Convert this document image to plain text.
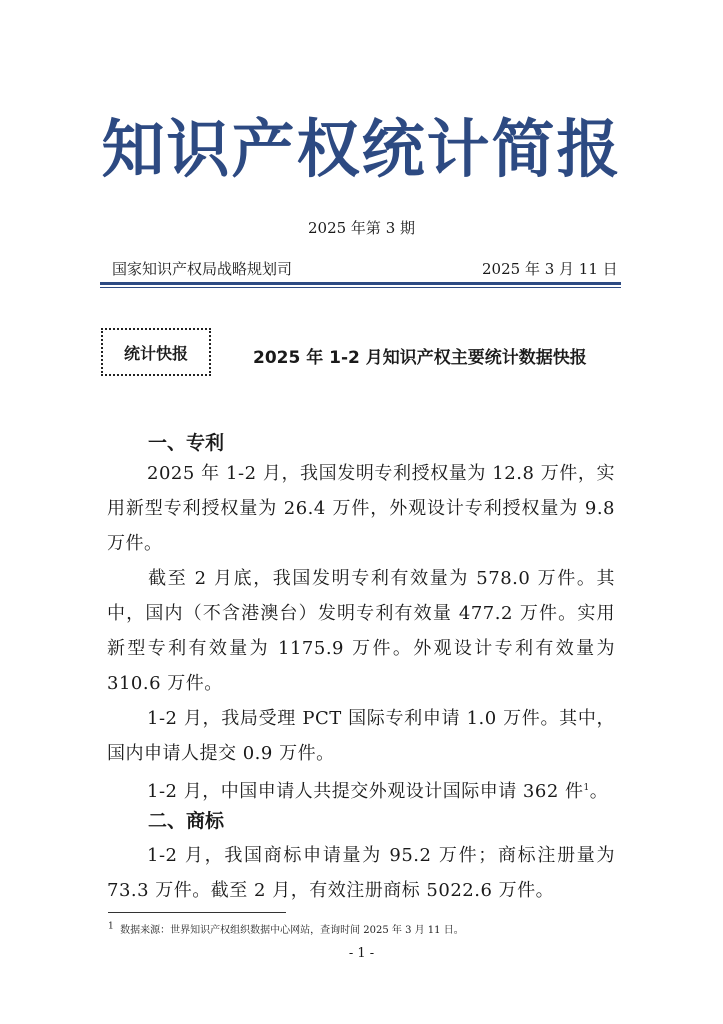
知识产权统计简报
2025 年第 3 期
国家知识产权局战略规划司	2025 年 3 月 11 日
统计快报	2025 年 1-2 月知识产权主要统计数据快报
一、专利

2025 年 1-2 月，我国发明专利授权量为 12.8 万件，实用新型专利授权量为 26.4 万件，外观设计专利授权量为 9.8 万件。

截至 2 月底，我国发明专利有效量为 578.0 万件。其中，国内（不含港澳台）发明专利有效量 477.2 万件。实用新型专利有效量为 1175.9 万件。外观设计专利有效量为 310.6 万件。

1-2 月，我局受理 PCT 国际专利申请 1.0 万件。其中，国内申请人提交 0.9 万件。

1-2 月，中国申请人共提交外观设计国际申请 362 件$^1$。

二、商标

1-2 月，我国商标申请量为 95.2 万件；商标注册量为 73.3 万件。截至 2 月，有效注册商标 5022.6 万件。

$^1$ 数据来源：世界知识产权组织数据中心网站，查询时间 2025 年 3 月 11 日。
- 1 -
